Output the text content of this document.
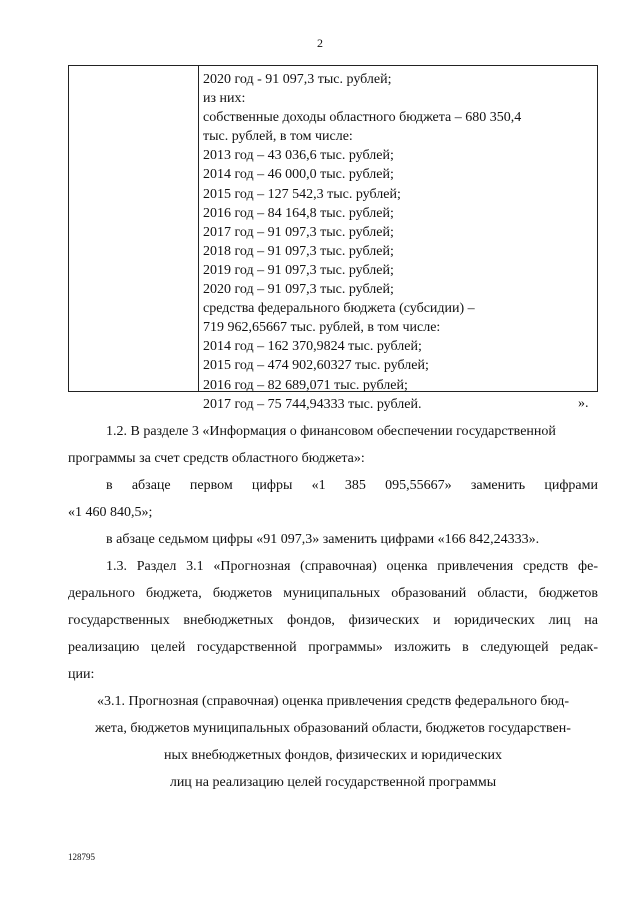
2
2020 год - 91 097,3 тыс. рублей;
из них:
собственные доходы областного бюджета – 680 350,4
тыс. рублей, в том числе:
2013 год – 43 036,6 тыс. рублей;
2014 год – 46 000,0 тыс. рублей;
2015 год – 127 542,3 тыс. рублей;
2016 год – 84 164,8 тыс. рублей;
2017 год – 91 097,3 тыс. рублей;
2018 год – 91 097,3 тыс. рублей;
2019 год – 91 097,3 тыс. рублей;
2020 год – 91 097,3 тыс. рублей;
средства федерального бюджета (субсидии) –
719 962,65667 тыс. рублей, в том числе:
2014 год – 162 370,9824 тыс. рублей;
2015 год – 474 902,60327 тыс. рублей;
2016 год – 82 689,071 тыс. рублей;
2017 год – 75 744,94333 тыс. рублей.	».
1.2. В разделе 3 «Информация о финансовом обеспечении государственной
программы за счет средств областного бюджета»:
в абзаце первом цифры «1 385 095,55667» заменить цифрами
«1 460 840,5»;
в абзаце седьмом цифры «91 097,3» заменить цифрами «166 842,24333».
1.3. Раздел 3.1 «Прогнозная (справочная) оценка привлечения средств фе-
дерального бюджета, бюджетов муниципальных образований области, бюджетов
государственных внебюджетных фондов, физических и юридических лиц на
реализацию целей государственной программы» изложить в следующей редак-
ции:
«3.1. Прогнозная (справочная) оценка привлечения средств федерального бюд-
жета, бюджетов муниципальных образований области, бюджетов государствен-
ных внебюджетных фондов, физических и юридических
лиц на реализацию целей государственной программы
128795
